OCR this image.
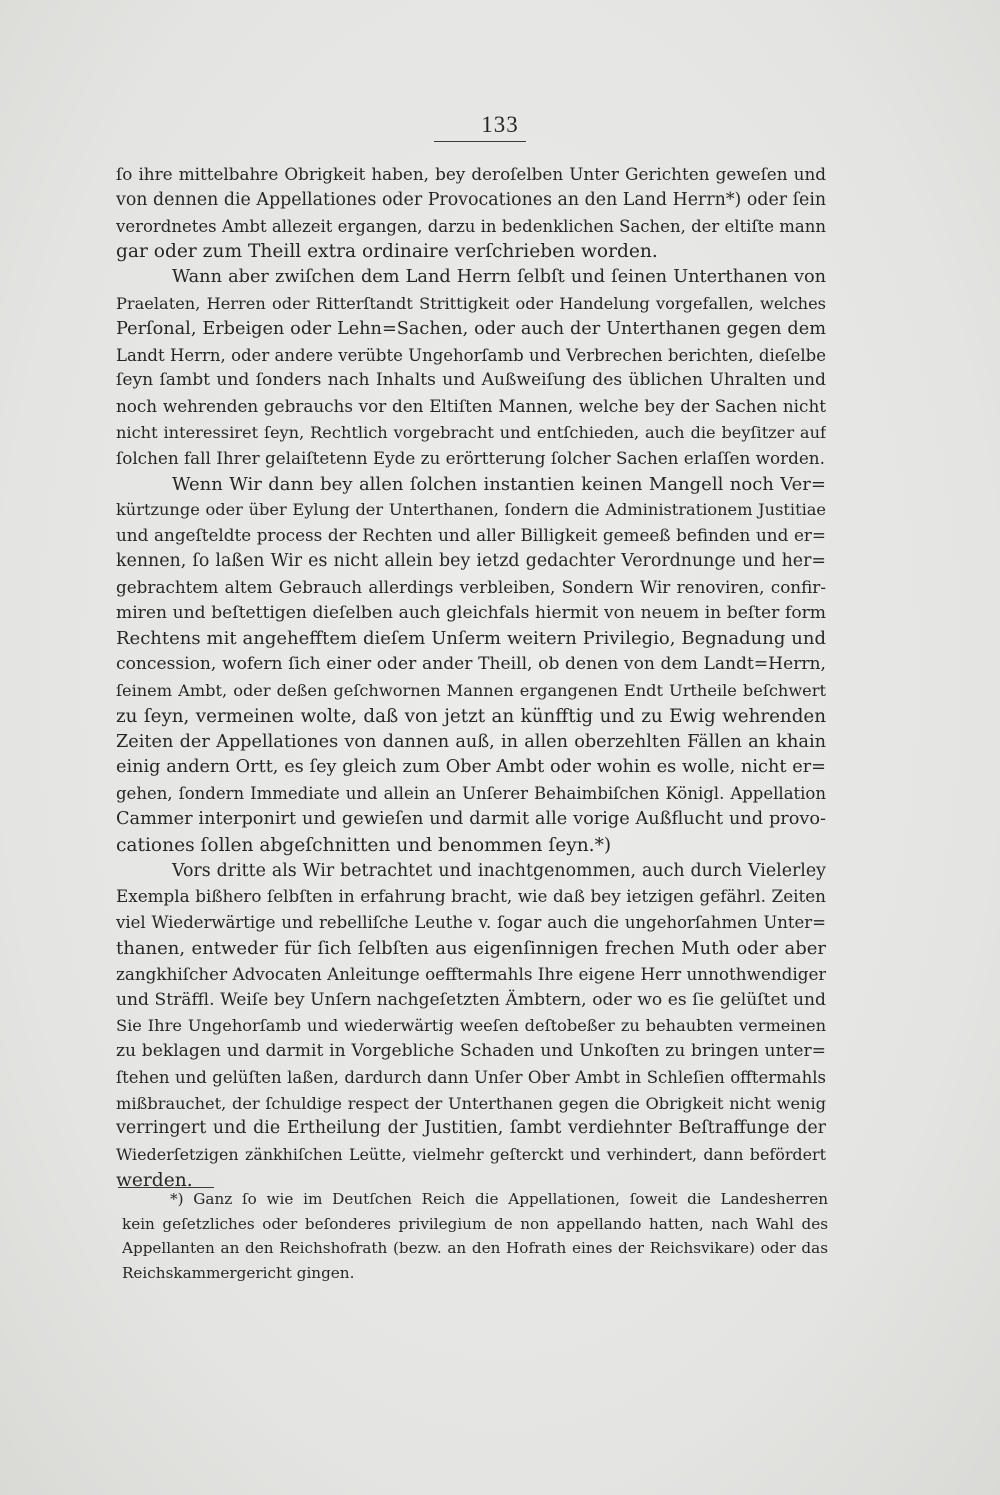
133
ſo ihre mittelbahre Obrigkeit haben, bey deroſelben Unter Gerichten geweſen und
von dennen die Appellationes oder Provocationes an den Land Herrn*) oder ſein
verordnetes Ambt allezeit ergangen, darzu in bedenklichen Sachen, der eltiſte mann
gar oder zum Theill extra ordinaire verſchrieben worden.
Wann aber zwiſchen dem Land Herrn ſelbſt und ſeinen Unterthanen von
Praelaten, Herren oder Ritterſtandt Strittigkeit oder Handelung vorgefallen, welches
Perſonal, Erbeigen oder Lehn=Sachen, oder auch der Unterthanen gegen dem
Landt Herrn, oder andere verübte Ungehorſamb und Verbrechen berichten, dieſelbe
ſeyn ſambt und ſonders nach Inhalts und Außweiſung des üblichen Uhralten und
noch wehrenden gebrauchs vor den Eltiſten Mannen, welche bey der Sachen nicht
nicht interessiret ſeyn, Rechtlich vorgebracht und entſchieden, auch die beyſitzer auf
ſolchen fall Ihrer gelaiſtetenn Eyde zu erörtterung ſolcher Sachen erlaſſen worden.
Wenn Wir dann bey allen ſolchen instantien keinen Mangell noch Ver=
kürtzunge oder über Eylung der Unterthanen, ſondern die Administrationem Justitiae
und angeſteldte process der Rechten und aller Billigkeit gemeeß befinden und er=
kennen, ſo laßen Wir es nicht allein bey ietzd gedachter Verordnunge und her=
gebrachtem altem Gebrauch allerdings verbleiben, Sondern Wir renoviren, confir-
miren und beſtettigen dieſelben auch gleichfals hiermit von neuem in beſter form
Rechtens mit angehefftem dieſem Unſerm weitern Privilegio, Begnadung und
concession, wofern ſich einer oder ander Theill, ob denen von dem Landt=Herrn,
ſeinem Ambt, oder deßen geſchwornen Mannen ergangenen Endt Urtheile beſchwert
zu ſeyn, vermeinen wolte, daß von jetzt an künfftig und zu Ewig wehrenden
Zeiten der Appellationes von dannen auß, in allen oberzehlten Fällen an khain
einig andern Ortt, es ſey gleich zum Ober Ambt oder wohin es wolle, nicht er=
gehen, ſondern Immediate und allein an Unſerer Behaimbiſchen Königl. Appellation
Cammer interponirt und gewieſen und darmit alle vorige Außflucht und provo-
cationes ſollen abgeſchnitten und benommen ſeyn.*)
Vors dritte als Wir betrachtet und inachtgenommen, auch durch Vielerley
Exempla bißhero ſelbſten in erfahrung bracht, wie daß bey ietzigen gefährl. Zeiten
viel Wiederwärtige und rebelliſche Leuthe v. ſogar auch die ungehorſahmen Unter=
thanen, entweder für ſich ſelbſten aus eigenſinnigen frechen Muth oder aber
zangkhiſcher Advocaten Anleitunge oefftermahls Ihre eigene Herr unnothwendiger
und Sträffl. Weiſe bey Unſern nachgeſetzten Ämbtern, oder wo es ſie gelüſtet und
Sie Ihre Ungehorſamb und wiederwärtig weeſen deſtobeßer zu behaubten vermeinen
zu beklagen und darmit in Vorgebliche Schaden und Unkoſten zu bringen unter=
ſtehen und gelüſten laßen, dardurch dann Unſer Ober Ambt in Schleſien offtermahls
mißbrauchet, der ſchuldige respect der Unterthanen gegen die Obrigkeit nicht wenig
verringert und die Ertheilung der Justitien, ſambt verdiehnter Beſtraffunge der
Wiederſetzigen zänkhiſchen Leütte, vielmehr geſterckt und verhindert, dann befördert
werden.
*) Ganz ſo wie im Deutſchen Reich die Appellationen, ſoweit die Landesherren
kein geſetzliches oder beſonderes privilegium de non appellando hatten, nach Wahl des
Appellanten an den Reichshofrath (bezw. an den Hofrath eines der Reichsvikare) oder das
Reichskammergericht gingen.
